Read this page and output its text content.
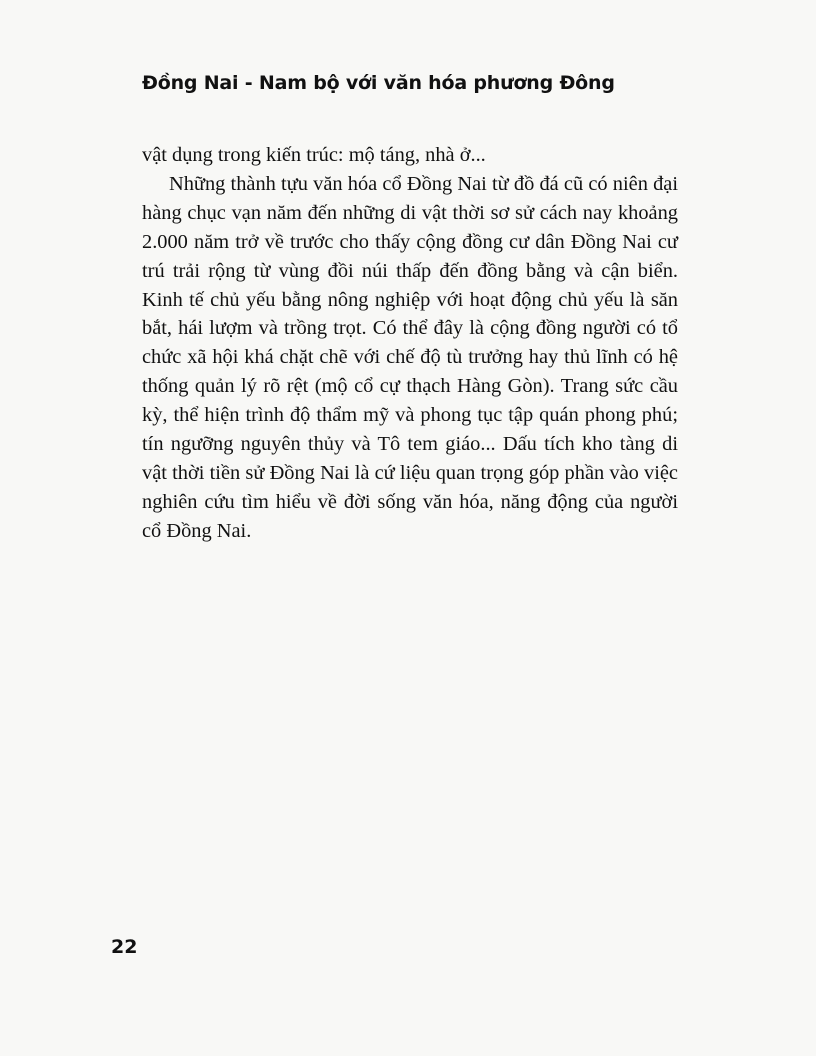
Đồng Nai - Nam bộ với văn hóa phương Đông

vật dụng trong kiến trúc: mộ táng, nhà ở...

Những thành tựu văn hóa cổ Đồng Nai từ đồ đá cũ có niên đại hàng chục vạn năm đến những di vật thời sơ sử cách nay khoảng 2.000 năm trở về trước cho thấy cộng đồng cư dân Đồng Nai cư trú trải rộng từ vùng đồi núi thấp đến đồng bằng và cận biển. Kinh tế chủ yếu bằng nông nghiệp với hoạt động chủ yếu là săn bắt, hái lượm và trồng trọt. Có thể đây là cộng đồng người có tổ chức xã hội khá chặt chẽ với chế độ tù trưởng hay thủ lĩnh có hệ thống quản lý rõ rệt (mộ cổ cự thạch Hàng Gòn). Trang sức cầu kỳ, thể hiện trình độ thẩm mỹ và phong tục tập quán phong phú; tín ngưỡng nguyên thủy và Tô tem giáo... Dấu tích kho tàng di vật thời tiền sử Đồng Nai là cứ liệu quan trọng góp phần vào việc nghiên cứu tìm hiểu về đời sống văn hóa, năng động của người cổ Đồng Nai.

22
